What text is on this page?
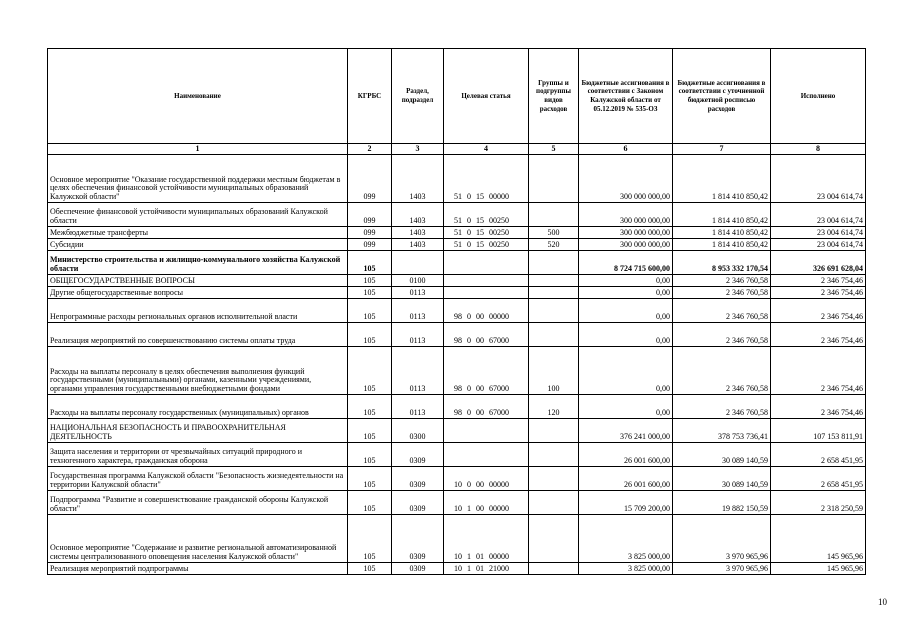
Наименование	КГРБС	Раздел, подраздел	Целевая статья	Группы и подгруппы видов расходов	Бюджетные ассигнования в соответствии с Законом Калужской области от 05.12.2019 № 535-ОЗ	Бюджетные ассигнования в соответствии с уточненной бюджетной росписью расходов	Исполнено
1	2	3	4	5	6	7	8
Основное мероприятие "Оказание государственной поддержки местным бюджетам в целях обеспечения финансовой устойчивости муниципальных образований Калужской области"	099	1403	51 0 15 00000		300 000 000,00	1 814 410 850,42	23 004 614,74
Обеспечение финансовой устойчивости муниципальных образований Калужской области	099	1403	51 0 15 00250		300 000 000,00	1 814 410 850,42	23 004 614,74
Межбюджетные трансферты	099	1403	51 0 15 00250	500	300 000 000,00	1 814 410 850,42	23 004 614,74
Субсидии	099	1403	51 0 15 00250	520	300 000 000,00	1 814 410 850,42	23 004 614,74
Министерство строительства и жилищно-коммунального хозяйства Калужской области	105				8 724 715 600,00	8 953 332 170,54	326 691 628,04
ОБЩЕГОСУДАРСТВЕННЫЕ ВОПРОСЫ	105	0100			0,00	2 346 760,58	2 346 754,46
Другие общегосударственные вопросы	105	0113			0,00	2 346 760,58	2 346 754,46
Непрограммные расходы региональных органов исполнительной власти	105	0113	98 0 00 00000		0,00	2 346 760,58	2 346 754,46
Реализация мероприятий по совершенствованию системы оплаты труда	105	0113	98 0 00 67000		0,00	2 346 760,58	2 346 754,46
Расходы на выплаты персоналу в целях обеспечения выполнения функций государственными (муниципальными) органами, казенными учреждениями, органами управления государственными внебюджетными фондами	105	0113	98 0 00 67000	100	0,00	2 346 760,58	2 346 754,46
Расходы на выплаты персоналу государственных (муниципальных) органов	105	0113	98 0 00 67000	120	0,00	2 346 760,58	2 346 754,46
НАЦИОНАЛЬНАЯ БЕЗОПАСНОСТЬ И ПРАВООХРАНИТЕЛЬНАЯ ДЕЯТЕЛЬНОСТЬ	105	0300			376 241 000,00	378 753 736,41	107 153 811,91
Защита населения и территории от чрезвычайных ситуаций природного и техногенного характера, гражданская оборона	105	0309			26 001 600,00	30 089 140,59	2 658 451,95
Государственная программа Калужской области "Безопасность жизнедеятельности на территории Калужской области"	105	0309	10 0 00 00000		26 001 600,00	30 089 140,59	2 658 451,95
Подпрограмма "Развитие и совершенствование гражданской обороны Калужской области"	105	0309	10 1 00 00000		15 709 200,00	19 882 150,59	2 318 250,59
Основное мероприятие "Содержание и развитие региональной автоматизированной системы централизованного оповещения населения Калужской области"	105	0309	10 1 01 00000		3 825 000,00	3 970 965,96	145 965,96
Реализация мероприятий подпрограммы	105	0309	10 1 01 21000		3 825 000,00	3 970 965,96	145 965,96
10
